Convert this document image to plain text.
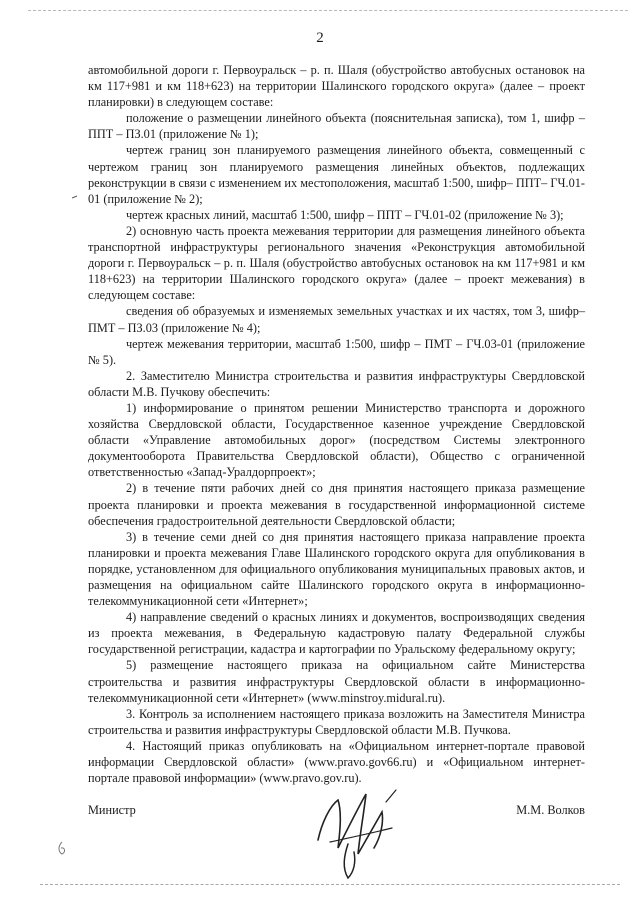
2

автомобильной дороги г. Первоуральск – р. п. Шаля (обустройство автобусных остановок на км 117+981 и км 118+623) на территории Шалинского городского округа» (далее – проект планировки) в следующем составе:

положение о размещении линейного объекта (пояснительная записка), том 1, шифр – ППТ – ПЗ.01 (приложение № 1);

чертеж границ зон планируемого размещения линейного объекта, совмещенный с чертежом границ зон планируемого размещения линейных объектов, подлежащих реконструкции в связи с изменением их местоположения, масштаб 1:500, шифр– ППТ– ГЧ.01-01 (приложение № 2);

чертеж красных линий, масштаб 1:500, шифр – ППТ – ГЧ.01-02 (приложение № 3);

2) основную часть проекта межевания территории для размещения линейного объекта транспортной инфраструктуры регионального значения «Реконструкция автомобильной дороги г. Первоуральск – р. п. Шаля (обустройство автобусных остановок на км 117+981 и км 118+623) на территории Шалинского городского округа» (далее – проект межевания) в следующем составе:

сведения об образуемых и изменяемых земельных участках и их частях, том 3, шифр– ПМТ – ПЗ.03 (приложение № 4);

чертеж межевания территории, масштаб 1:500, шифр – ПМТ – ГЧ.03-01 (приложение № 5).

2. Заместителю Министра строительства и развития инфраструктуры Свердловской области М.В. Пучкову обеспечить:

1) информирование о принятом решении Министерство транспорта и дорожного хозяйства Свердловской области, Государственное казенное учреждение Свердловской области «Управление автомобильных дорог» (посредством Системы электронного документооборота Правительства Свердловской области), Общество с ограниченной ответственностью «Запад-Уралдорпроект»;

2) в течение пяти рабочих дней со дня принятия настоящего приказа размещение проекта планировки и проекта межевания в государственной информационной системе обеспечения градостроительной деятельности Свердловской области;

3) в течение семи дней со дня принятия настоящего приказа направление проекта планировки и проекта межевания Главе Шалинского городского округа для опубликования в порядке, установленном для официального опубликования муниципальных правовых актов, и размещения на официальном сайте Шалинского городского округа в информационно-телекоммуникационной сети «Интернет»;

4) направление сведений о красных линиях и документов, воспроизводящих сведения из проекта межевания, в Федеральную кадастровую палату Федеральной службы государственной регистрации, кадастра и картографии по Уральскому федеральному округу;

5) размещение настоящего приказа на официальном сайте Министерства строительства и развития инфраструктуры Свердловской области в информационно-телекоммуникационной сети «Интернет» (www.minstroy.midural.ru).

3. Контроль за исполнением настоящего приказа возложить на Заместителя Министра строительства и развития инфраструктуры Свердловской области М.В. Пучкова.

4. Настоящий приказ опубликовать на «Официальном интернет-портале правовой информации Свердловской области» (www.pravo.gov66.ru) и «Официальном интернет-портале правовой информации» (www.pravo.gov.ru).

Министр	М.М. Волков
